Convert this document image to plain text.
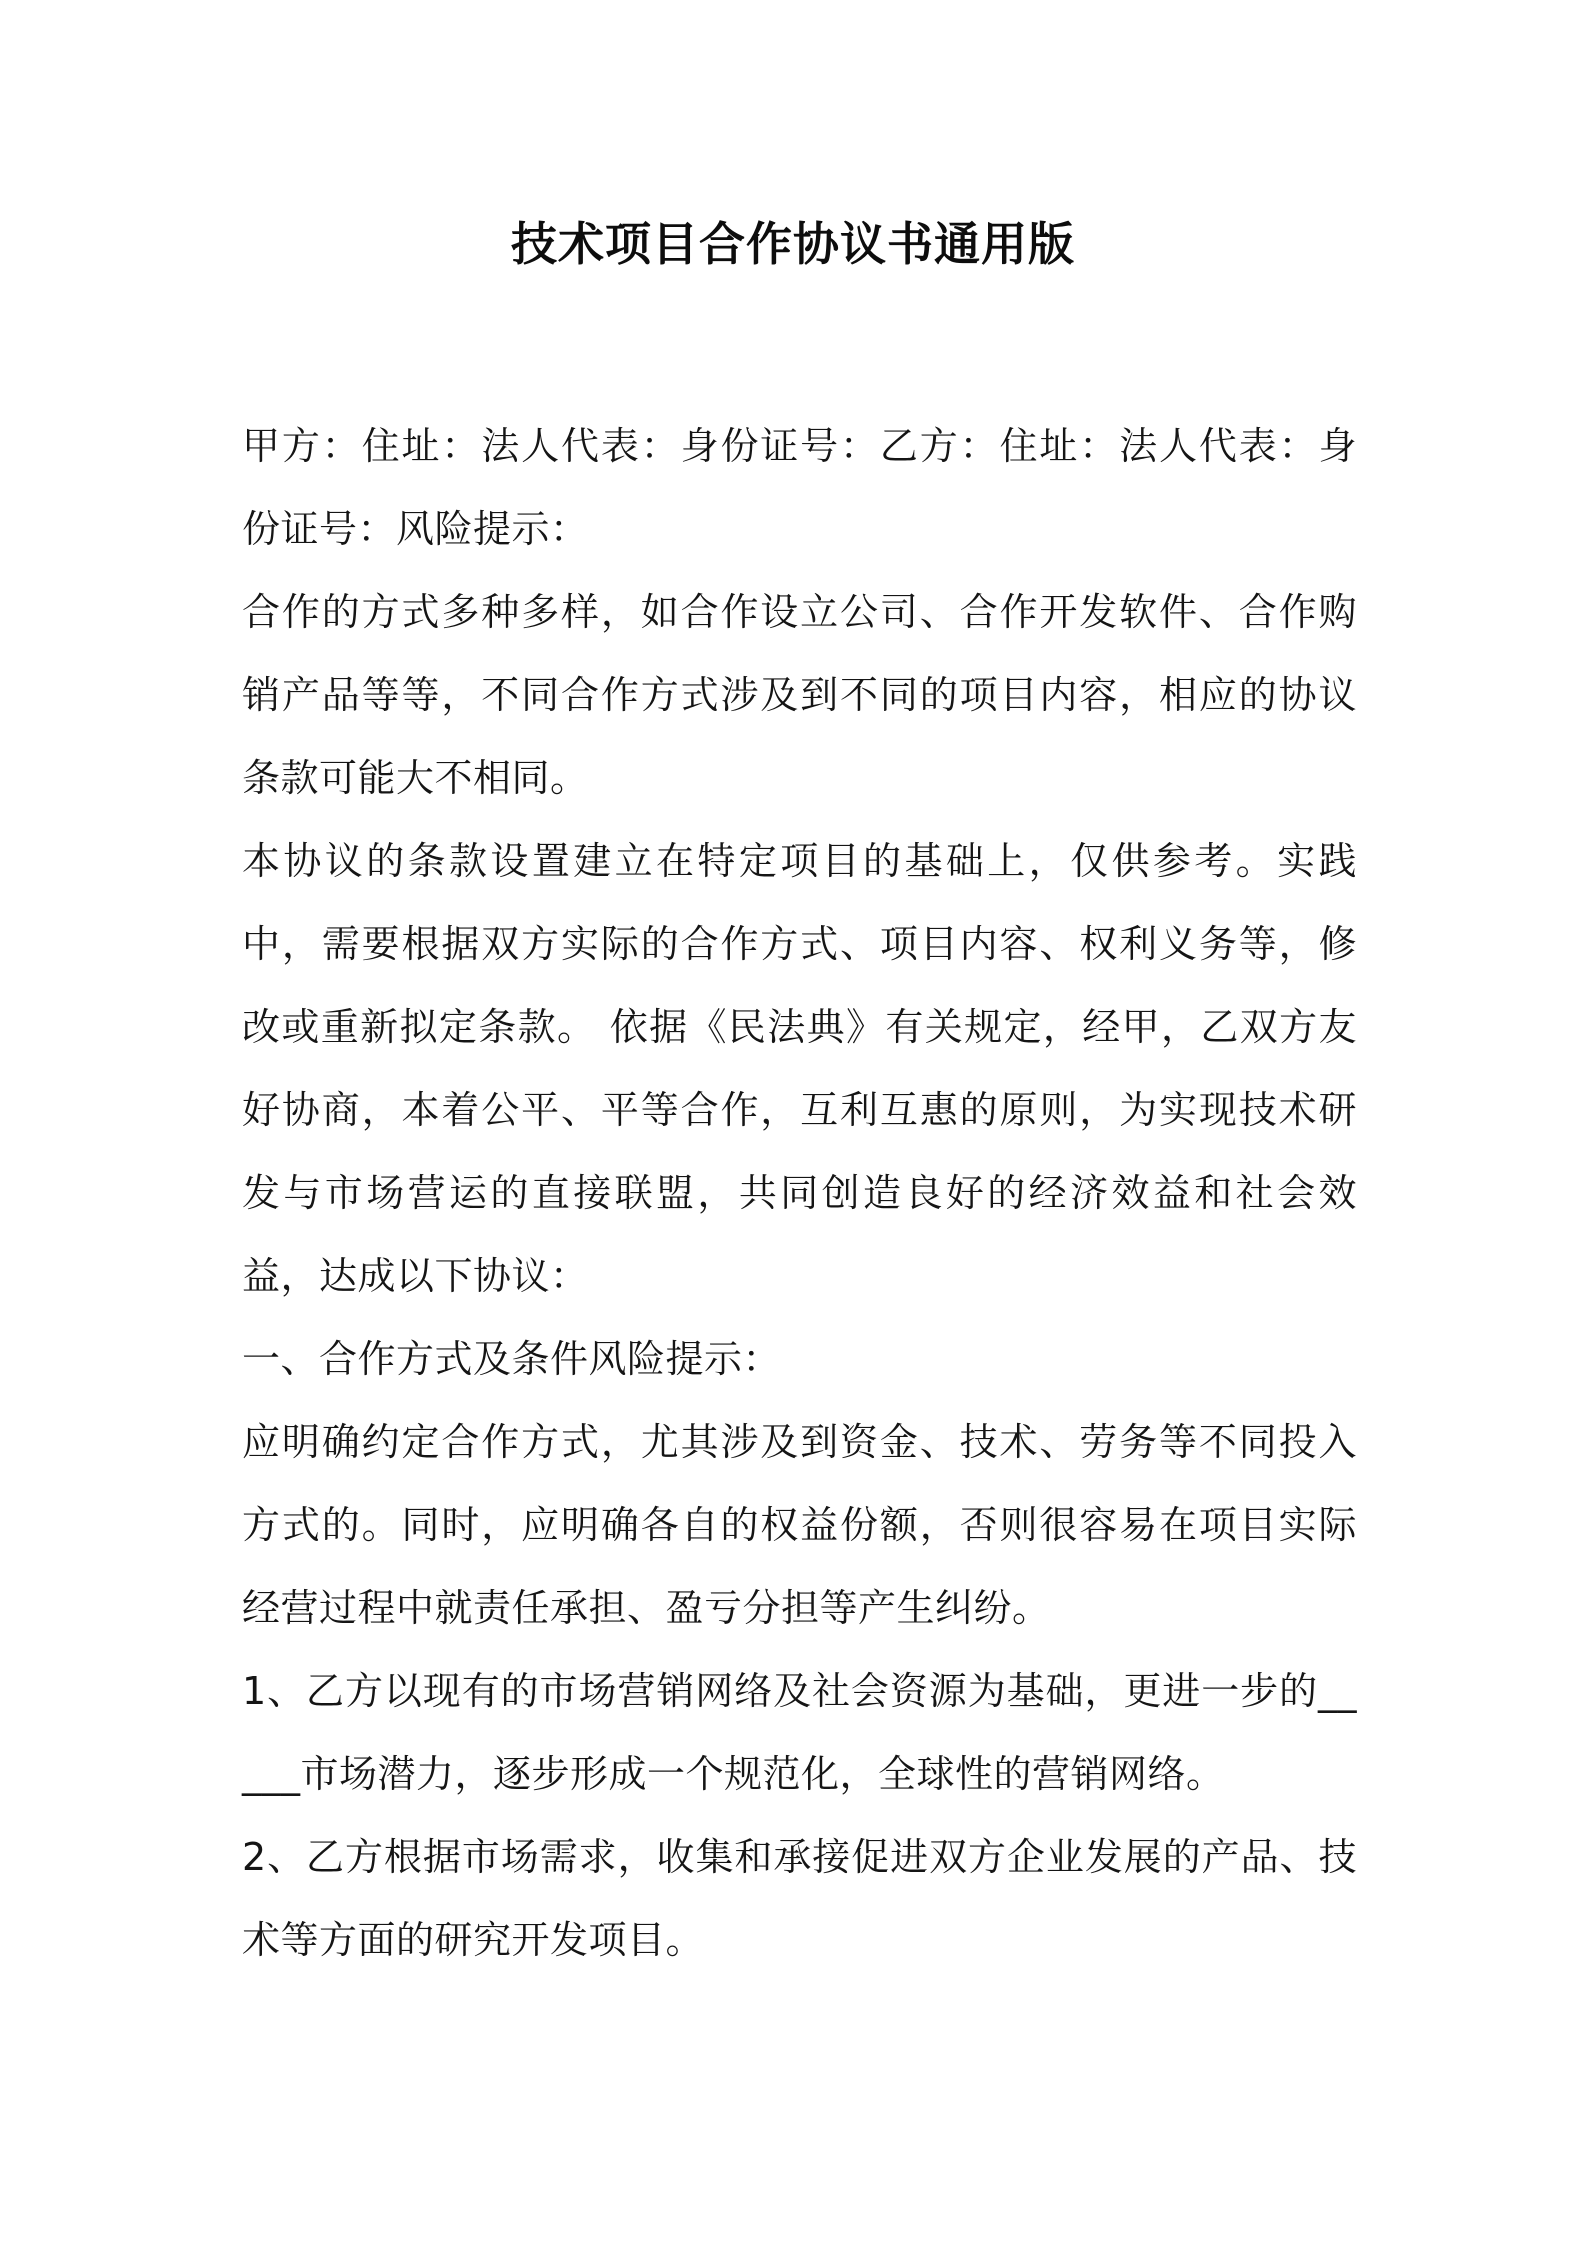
技术项目合作协议书通用版

甲方：住址：法人代表：身份证号：乙方：住址：法人代表：身份证号：风险提示：

合作的方式多种多样，如合作设立公司、合作开发软件、合作购销产品等等，不同合作方式涉及到不同的项目内容，相应的协议条款可能大不相同。

本协议的条款设置建立在特定项目的基础上，仅供参考。实践中，需要根据双方实际的合作方式、项目内容、权利义务等，修改或重新拟定条款。 依据《民法典》有关规定，经甲，乙双方友好协商，本着公平、平等合作，互利互惠的原则，为实现技术研发与市场营运的直接联盟，共同创造良好的经济效益和社会效益，达成以下协议：

一、合作方式及条件风险提示：

应明确约定合作方式，尤其涉及到资金、技术、劳务等不同投入方式的。同时，应明确各自的权益份额，否则很容易在项目实际经营过程中就责任承担、盈亏分担等产生纠纷。

1、乙方以现有的市场营销网络及社会资源为基础，更进一步的_____市场潜力，逐步形成一个规范化，全球性的营销网络。

2、乙方根据市场需求，收集和承接促进双方企业发展的产品、技术等方面的研究开发项目。
